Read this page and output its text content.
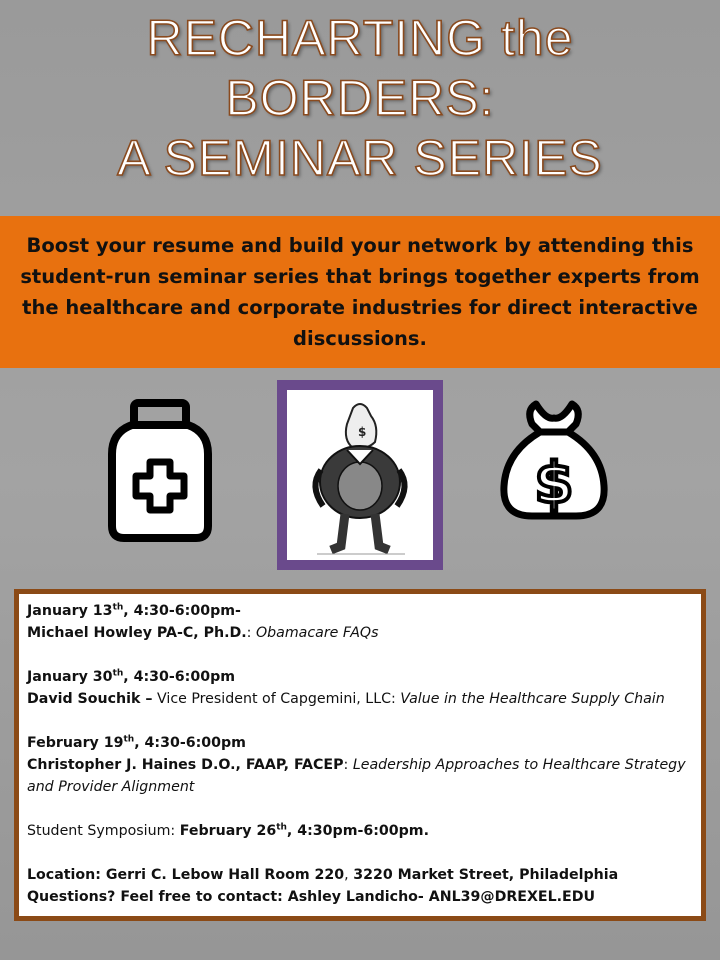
RECHARTING the
BORDERS:
A SEMINAR SERIES
Boost your resume and build your network by attending this student-run seminar series that brings together experts from the healthcare and corporate industries for direct interactive discussions.
$
$

January 13th, 4:30-6:00pm-

Michael Howley PA-C, Ph.D.: Obamacare FAQs

January 30th, 4:30-6:00pm

David Souchik – Vice President of Capgemini, LLC: Value in the Healthcare Supply Chain

February 19th, 4:30-6:00pm

Christopher J. Haines D.O., FAAP, FACEP: Leadership Approaches to Healthcare Strategy and Provider Alignment

Student Symposium: February 26th, 4:30pm-6:00pm.

Location: Gerri C. Lebow Hall Room 220, 3220 Market Street, Philadelphia

Questions? Feel free to contact: Ashley Landicho- ANL39@DREXEL.EDU
